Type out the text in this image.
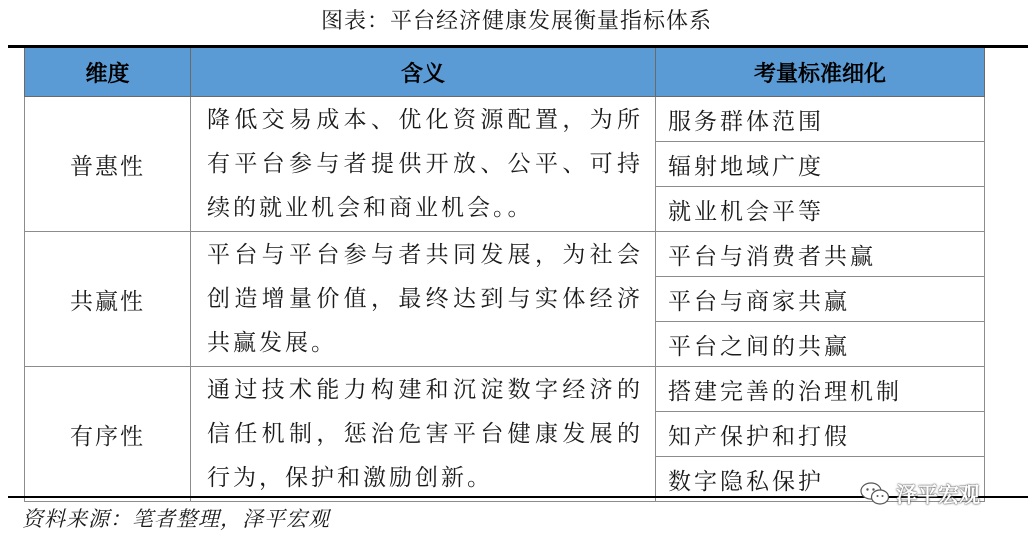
图表：平台经济健康发展衡量指标体系
维度	含义	考量标准细化
普惠性	降低交易成本、优化资源配置，为所有平台参与者提供开放、公平、可持续的就业机会和商业机会。。	服务群体范围
		辐射地域广度
		就业机会平等
共赢性	平台与平台参与者共同发展，为社会创造增量价值，最终达到与实体经济共赢发展。	平台与消费者共赢
		平台与商家共赢
		平台之间的共赢
有序性	通过技术能力构建和沉淀数字经济的信任机制，惩治危害平台健康发展的行为，保护和激励创新。	搭建完善的治理机制
		知产保护和打假
		数字隐私保护
资料来源：笔者整理，泽平宏观
泽平宏观
